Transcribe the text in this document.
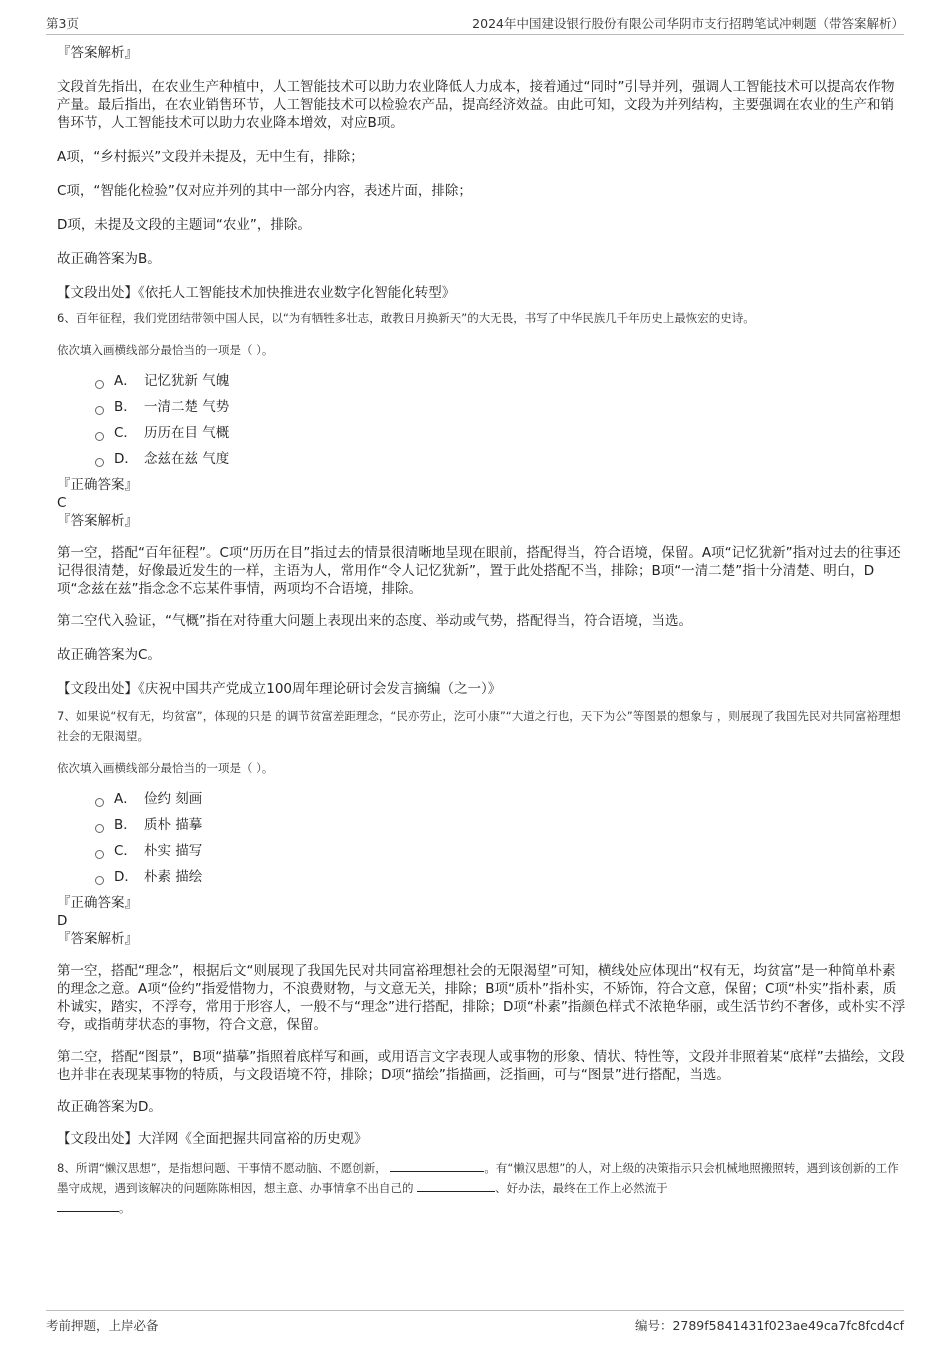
第3页	2024年中国建设银行股份有限公司华阴市支行招聘笔试冲刺题（带答案解析）

『答案解析』

文段首先指出，在农业生产种植中，人工智能技术可以助力农业降低人力成本，接着通过“同时”引导并列，强调人工智能技术可以提高农作物产量。最后指出，在农业销售环节，人工智能技术可以检验农产品，提高经济效益。由此可知，文段为并列结构，主要强调在农业的生产和销售环节，人工智能技术可以助力农业降本增效，对应B项。

A项，“乡村振兴”文段并未提及，无中生有，排除；

C项，“智能化检验”仅对应并列的其中一部分内容，表述片面，排除；

D项，未提及文段的主题词“农业”，排除。

故正确答案为B。

【文段出处】《依托人工智能技术加快推进农业数字化智能化转型》

6、百年征程，我们党团结带领中国人民，以“为有牺牲多壮志，敢教日月换新天”的大无畏，书写了中华民族几千年历史上最恢宏的史诗。

依次填入画横线部分最恰当的一项是（ ）。

A． 记忆犹新 气魄
B． 一清二楚 气势
C． 历历在目 气概
D． 念兹在兹 气度

『正确答案』

C

『答案解析』

第一空，搭配“百年征程”。C项“历历在目”指过去的情景很清晰地呈现在眼前，搭配得当，符合语境，保留。A项“记忆犹新”指对过去的往事还记得很清楚，好像最近发生的一样，主语为人，常用作“令人记忆犹新”，置于此处搭配不当，排除；B项“一清二楚”指十分清楚、明白，D项“念兹在兹”指念念不忘某件事情，两项均不合语境，排除。

第二空代入验证，“气概”指在对待重大问题上表现出来的态度、举动或气势，搭配得当，符合语境，当选。

故正确答案为C。

【文段出处】《庆祝中国共产党成立100周年理论研讨会发言摘编（之一）》

7、如果说“权有无，均贫富”，体现的只是 的调节贫富差距理念，“民亦劳止，汔可小康”“大道之行也，天下为公”等图景的想象与 ，则展现了我国先民对共同富裕理想社会的无限渴望。

依次填入画横线部分最恰当的一项是（ ）。

A． 俭约 刻画
B． 质朴 描摹
C． 朴实 描写
D． 朴素 描绘

『正确答案』

D

『答案解析』

第一空，搭配“理念”，根据后文“则展现了我国先民对共同富裕理想社会的无限渴望”可知，横线处应体现出“权有无，均贫富”是一种简单朴素的理念之意。A项“俭约”指爱惜物力，不浪费财物，与文意无关，排除；B项“质朴”指朴实，不矫饰，符合文意，保留；C项“朴实”指朴素，质朴诚实，踏实，不浮夸，常用于形容人，一般不与“理念”进行搭配，排除；D项“朴素”指颜色样式不浓艳华丽，或生活节约不奢侈，或朴实不浮夸，或指萌芽状态的事物，符合文意，保留。

第二空，搭配“图景”，B项“描摹”指照着底样写和画，或用语言文字表现人或事物的形象、情状、特性等，文段并非照着某“底样”去描绘，文段也并非在表现某事物的特质，与文段语境不符，排除；D项“描绘”指描画，泛指画，可与“图景”进行搭配，当选。

故正确答案为D。

【文段出处】大洋网《全面把握共同富裕的历史观》

8、所谓“懒汉思想”，是指想问题、干事情不愿动脑、不愿创新，	。有“懒汉思想”的人，对上级的决策指示只会机械地照搬照转，遇到该创新的工作墨守成规，遇到该解决的问题陈陈相因，想主意、办事情拿不出自己的	、好办法，最终在工作上必然流于
。

考前押题，上岸必备	编号：2789f5841431f023ae49ca7fc8fcd4cf
